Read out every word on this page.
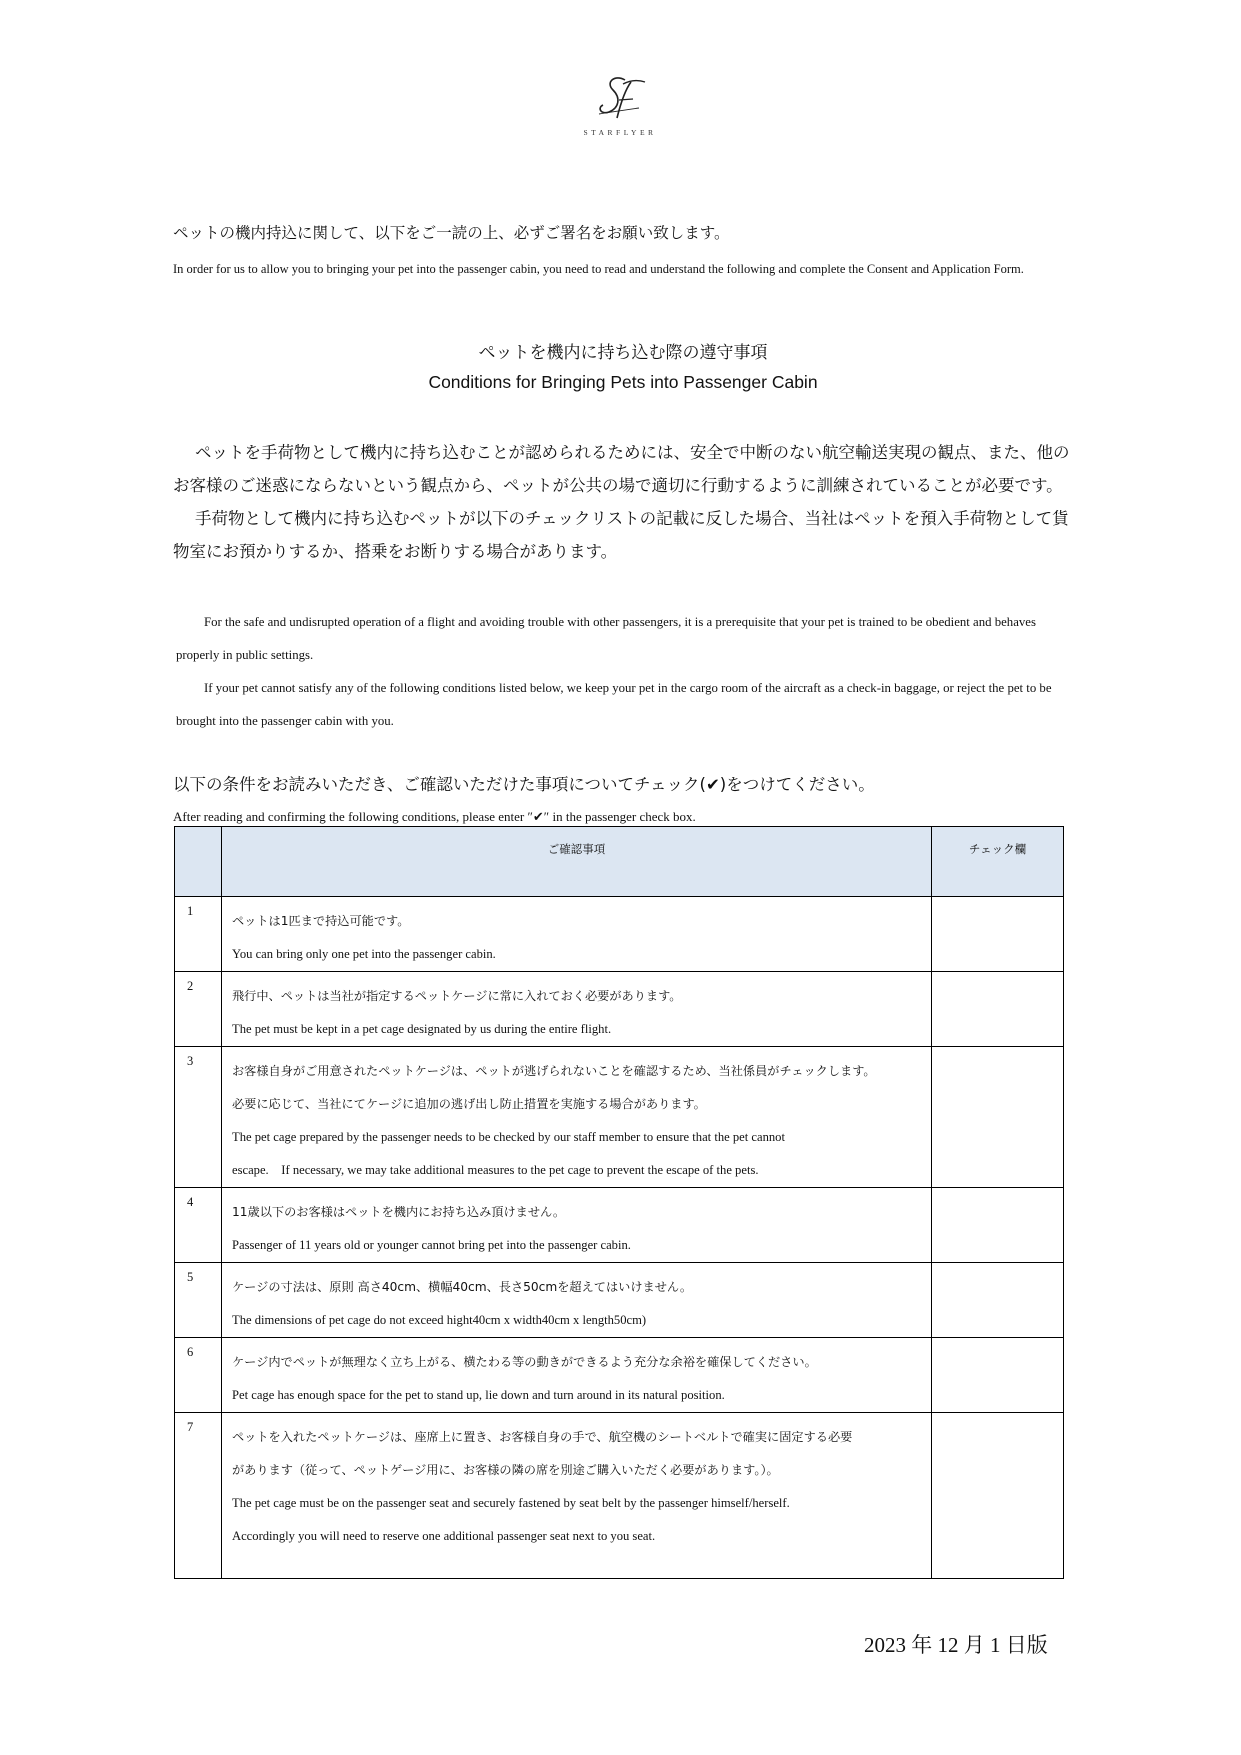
STARFLYER
ペットの機内持込に関して、以下をご一読の上、必ずご署名をお願い致します。
In order for us to allow you to bringing your pet into the passenger cabin, you need to read and understand the following and complete the Consent and Application Form.
ペットを機内に持ち込む際の遵守事項
Conditions for Bringing Pets into Passenger Cabin

ペットを手荷物として機内に持ち込むことが認められるためには、安全で中断のない航空輸送実現の観点、また、他のお客様のご迷惑にならないという観点から、ペットが公共の場で適切に行動するように訓練されていることが必要です。

手荷物として機内に持ち込むペットが以下のチェックリストの記載に反した場合、当社はペットを預入手荷物として貨物室にお預かりするか、搭乗をお断りする場合があります。

For the safe and undisrupted operation of a flight and avoiding trouble with other passengers, it is a prerequisite that your pet is trained to be obedient and behaves properly in public settings.

If your pet cannot satisfy any of the following conditions listed below, we keep your pet in the cargo room of the aircraft as a check-in baggage, or reject the pet to be brought into the passenger cabin with you.

以下の条件をお読みいただき、ご確認いただけた事項についてチェック(✔)をつけてください。
After reading and confirming the following conditions, please enter ″✔″ in the passenger check box.
	ご確認事項	チェック欄
1	ペットは1匹まで持込可能です。
You can bring only one pet into the passenger cabin.	

2	飛行中、ペットは当社が指定するペットケージに常に入れておく必要があります。
The pet must be kept in a pet cage designated by us during the entire flight.	

3	お客様自身がご用意されたペットケージは、ペットが逃げられないことを確認するため、当社係員がチェックします。
必要に応じて、当社にてケージに追加の逃げ出し防止措置を実施する場合があります。
The pet cage prepared by the passenger needs to be checked by our staff member to ensure that the pet cannot
escape.　If necessary, we may take additional measures to the pet cage to prevent the escape of the pets.	

4	11歳以下のお客様はペットを機内にお持ち込み頂けません。
Passenger of 11 years old or younger cannot bring pet into the passenger cabin.	

5	ケージの寸法は、原則 高さ40cm、横幅40cm、長さ50cmを超えてはいけません。
The dimensions of pet cage do not exceed hight40cm x width40cm x length50cm)	

6	ケージ内でペットが無理なく立ち上がる、横たわる等の動きができるよう充分な余裕を確保してください。
Pet cage has enough space for the pet to stand up, lie down and turn around in its natural position.	

7	ペットを入れたペットケージは、座席上に置き、お客様自身の手で、航空機のシートベルトで確実に固定する必要
があります（従って、ペットゲージ用に、お客様の隣の席を別途ご購入いただく必要があります。）。
The pet cage must be on the passenger seat and securely fastened by seat belt by the passenger himself/herself.
Accordingly you will need to reserve one additional passenger seat next to you seat.	

2023 年 12 月 1 日版
